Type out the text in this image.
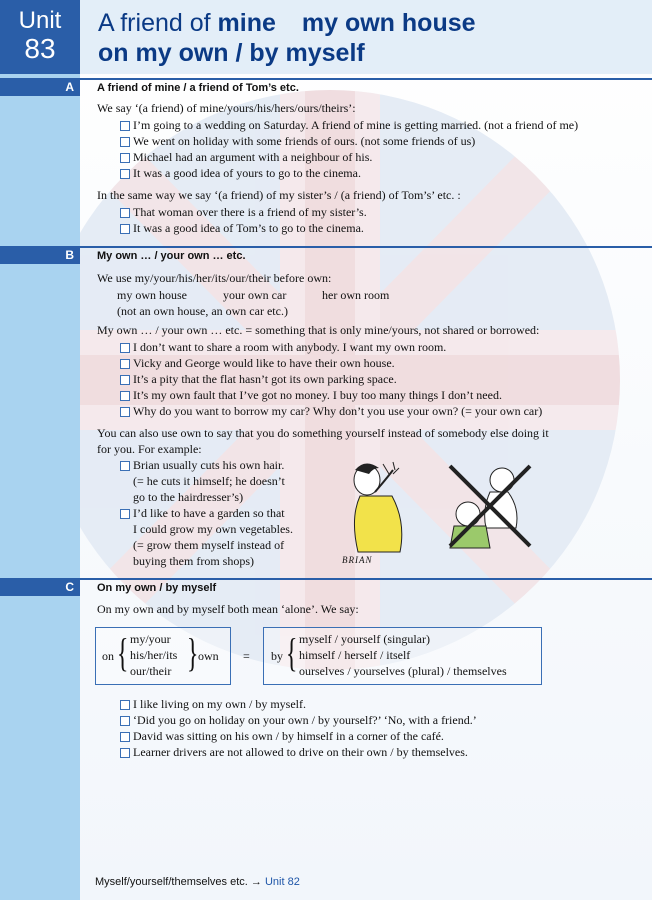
Unit
83
A friend of mine my own house
on my own / by myself
A A friend of mine / a friend of Tom’s etc.
We say ‘(a friend) of mine/yours/his/hers/ours/theirs’:
I’m going to a wedding on Saturday. A friend of mine is getting married. (not a friend of me)
We went on holiday with some friends of ours. (not some friends of us)
Michael had an argument with a neighbour of his.
It was a good idea of yours to go to the cinema.
In the same way we say ‘(a friend) of my sister’s / (a friend) of Tom’s’ etc. :
That woman over there is a friend of my sister’s.
It was a good idea of Tom’s to go to the cinema.
B My own … / your own … etc.
We use my/your/his/her/its/our/their before own:
my own house	your own car	her own room
(not an own house, an own car etc.)
My own … / your own … etc. = something that is only mine/yours, not shared or borrowed:
I don’t want to share a room with anybody. I want my own room.
Vicky and George would like to have their own house.
It’s a pity that the flat hasn’t got its own parking space.
It’s my own fault that I’ve got no money. I buy too many things I don’t need.
Why do you want to borrow my car? Why don’t you use your own? (= your own car)
You can also use own to say that you do something yourself instead of somebody else doing it
for you. For example:
Brian usually cuts his own hair.
(= he cuts it himself; he doesn’t
go to the hairdresser’s)
I’d like to have a garden so that
I could grow my own vegetables.
(= grow them myself instead of
buying them from shops)	BRIAN
C On my own / by myself
On my own and by myself both mean ‘alone’. We say:
on { my/your
his/her/its
our/their } own = by { myself / yourself (singular)
himself / herself / itself
ourselves / yourselves (plural) / themselves
I like living on my own / by myself.
‘Did you go on holiday on your own / by yourself?’ ‘No, with a friend.’
David was sitting on his own / by himself in a corner of the café.
Learner drivers are not allowed to drive on their own / by themselves.
Myself/yourself/themselves etc. → Unit 82
